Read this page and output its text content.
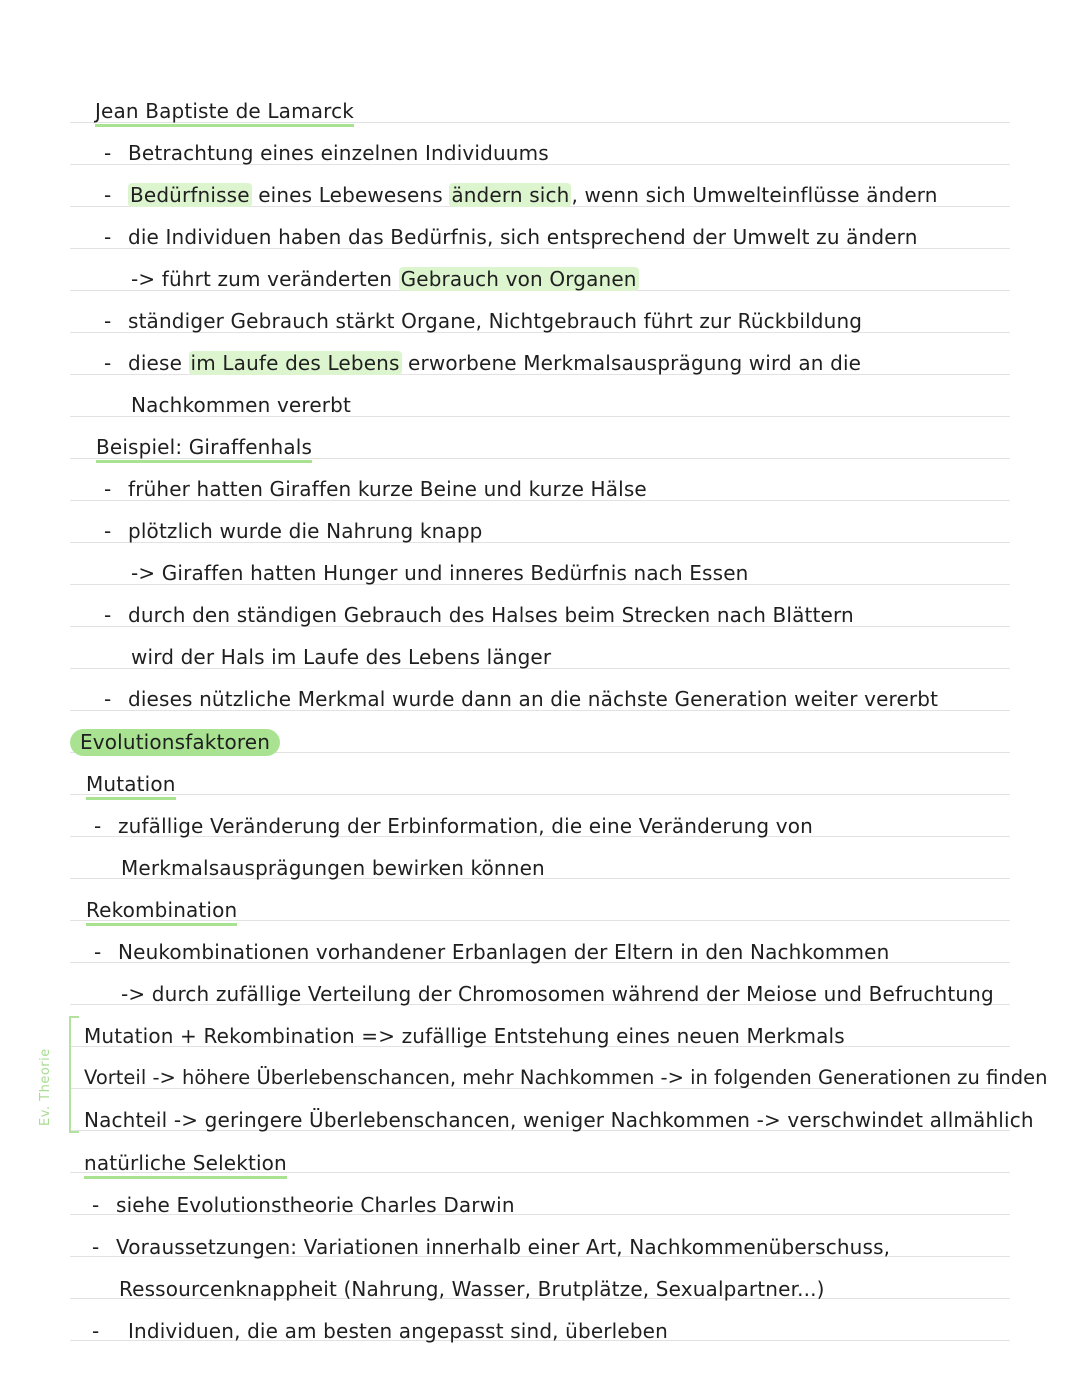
Jean Baptiste de Lamarck
- Betrachtung eines einzelnen Individuums
- Bedürfnisse eines Lebewesens ändern sich , wenn sich Umwelteinflüsse ändern
- die Individuen haben das Bedürfnis, sich entsprechend der Umwelt zu ändern
-> führt zum veränderten Gebrauch von Organen
- ständiger Gebrauch stärkt Organe, Nichtgebrauch führt zur Rückbildung
- diese im Laufe des Lebens erworbene Merkmalsausprägung wird an die
Nachkommen vererbt
Beispiel: Giraffenhals
- früher hatten Giraffen kurze Beine und kurze Hälse
- plötzlich wurde die Nahrung knapp
-> Giraffen hatten Hunger und inneres Bedürfnis nach Essen
- durch den ständigen Gebrauch des Halses beim Strecken nach Blättern
wird der Hals im Laufe des Lebens länger
- dieses nützliche Merkmal wurde dann an die nächste Generation weiter vererbt
Evolutionsfaktoren
Mutation
- zufällige Veränderung der Erbinformation, die eine Veränderung von
Merkmalsausprägungen bewirken können
Rekombination
- Neukombinationen vorhandener Erbanlagen der Eltern in den Nachkommen
-> durch zufällige Verteilung der Chromosomen während der Meiose und Befruchtung
Ev. Theorie
Mutation + Rekombination => zufällige Entstehung eines neuen Merkmals
Vorteil -> höhere Überlebenschancen, mehr Nachkommen -> in folgenden Generationen zu finden
Nachteil -> geringere Überlebenschancen, weniger Nachkommen -> verschwindet allmählich
natürliche Selektion
- siehe Evolutionstheorie Charles Darwin
- Voraussetzungen: Variationen innerhalb einer Art, Nachkommenüberschuss,
Ressourcenknappheit (Nahrung, Wasser, Brutplätze, Sexualpartner...)
- Individuen, die am besten angepasst sind, überleben
